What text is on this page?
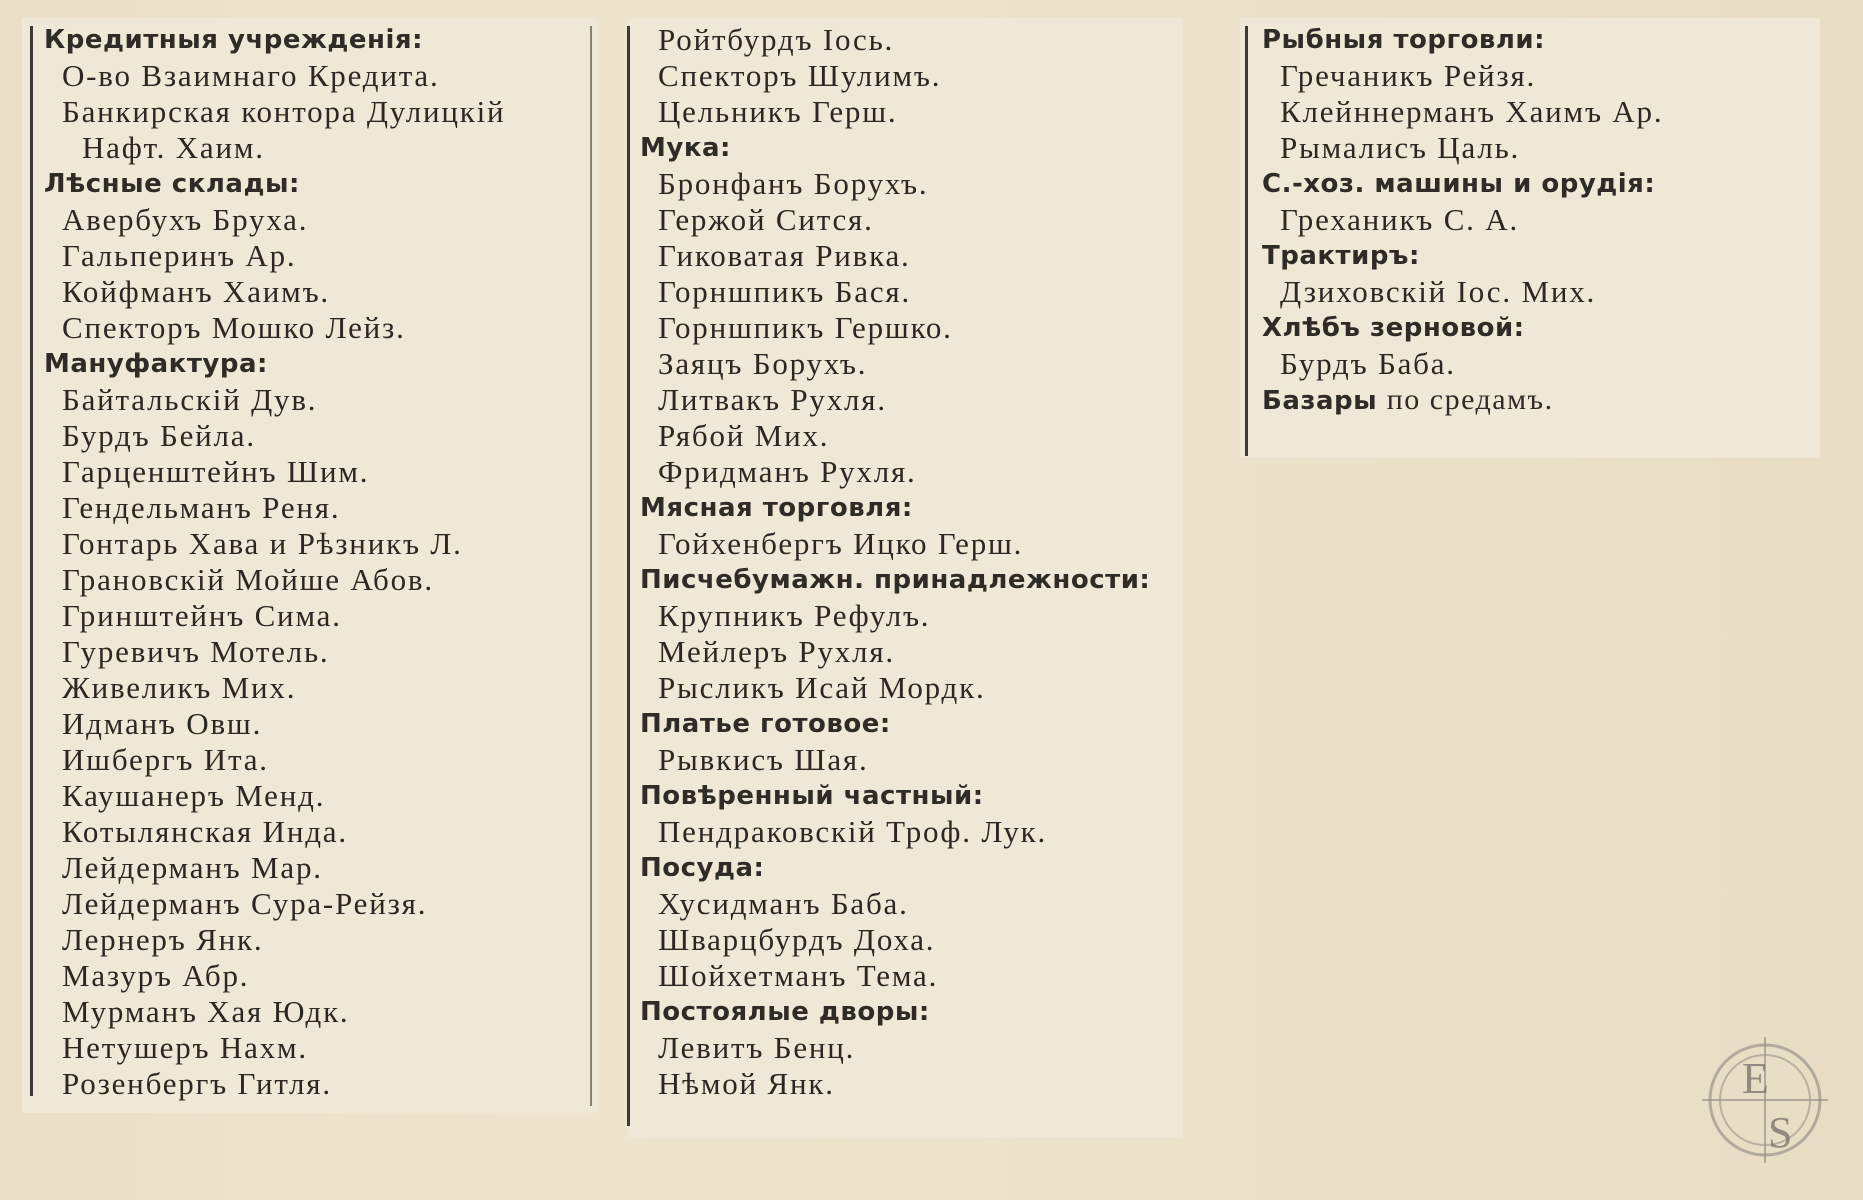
Кредитныя учрежденія:
О-во Взаимнаго Кредита.
Банкирская контора Дулицкій
Нафт. Хаим.
Лѣсные склады:
Авербухъ Бруха.
Гальперинъ Ар.
Койфманъ Хаимъ.
Спекторъ Мошко Лейз.
Мануфактура:
Байтальскій Дув.
Бурдъ Бейла.
Гарценштейнъ Шим.
Гендельманъ Реня.
Гонтарь Хава и Рѣзникъ Л.
Грановскій Мойше Абов.
Гринштейнъ Сима.
Гуревичъ Мотель.
Живеликъ Мих.
Идманъ Овш.
Ишбергъ Ита.
Каушанеръ Менд.
Котылянская Инда.
Лейдерманъ Мар.
Лейдерманъ Сура-Рейзя.
Лернеръ Янк.
Мазуръ Абр.
Мурманъ Хая Юдк.
Нетушеръ Нахм.
Розенбергъ Гитля.
Ройтбурдъ Іось.
Спекторъ Шулимъ.
Цельникъ Герш.
Мука:
Бронфанъ Борухъ.
Гержой Сится.
Гиковатая Ривка.
Горншпикъ Бася.
Горншпикъ Гершко.
Заяцъ Борухъ.
Литвакъ Рухля.
Рябой Мих.
Фридманъ Рухля.
Мясная торговля:
Гойхенбергъ Ицко Герш.
Писчебумажн. принадлежности:
Крупникъ Рефулъ.
Мейлеръ Рухля.
Рысликъ Исай Мордк.
Платье готовое:
Рывкисъ Шая.
Повѣренный частный:
Пендраковскій Троф. Лук.
Посуда:
Хусидманъ Баба.
Шварцбурдъ Доха.
Шойхетманъ Тема.
Постоялые дворы:
Левитъ Бенц.
Нѣмой Янк.
Рыбныя торговли:
Гречаникъ Рейзя.
Клейннерманъ Хаимъ Ар.
Рымалисъ Цаль.
С.-хоз. машины и орудія:
Греханикъ С. А.
Трактиръ:
Дзиховскій Іос. Мих.
Хлѣбъ зерновой:
Бурдъ Баба.
Базары по средамъ.
E
S
